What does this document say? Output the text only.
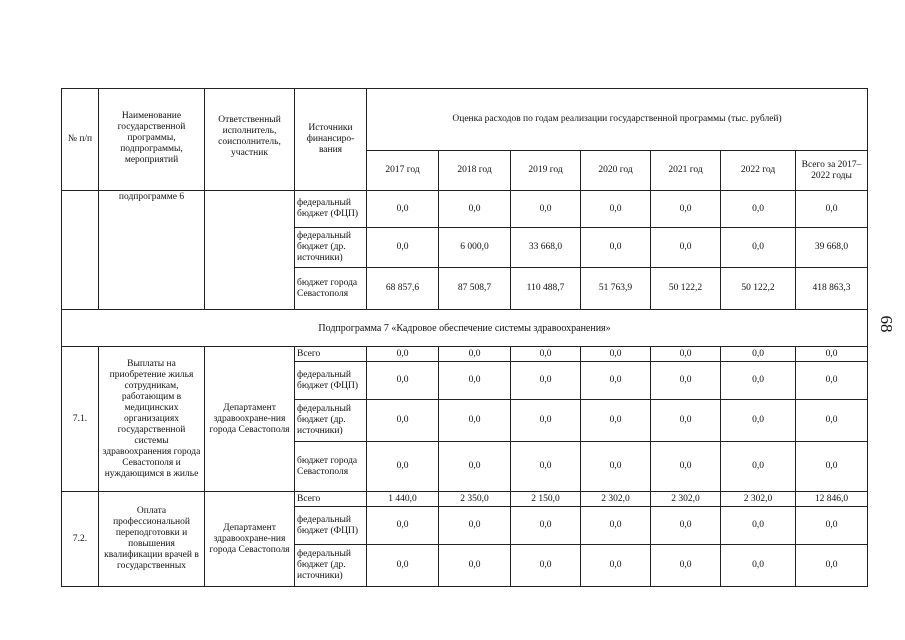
68
№ п/п	Наименование государственной программы, подпрограммы, мероприятий	Ответственный исполнитель, соисполнитель, участник	Источники финансиро-вания	Оценка расходов по годам реализации государственной программы (тыс. рублей)						
				2017 год	2018 год	2019 год	2020 год	2021 год	2022 год	Всего за 2017–2022 годы
	подпрограмме 6		федеральный бюджет (ФЦП)	0,0	0,0	0,0	0,0	0,0	0,0	0,0
			федеральный бюджет (др. источники)	0,0	6 000,0	33 668,0	0,0	0,0	0,0	39 668,0
			бюджет города Севастополя	68 857,6	87 508,7	110 488,7	51 763,9	50 122,2	50 122,2	418 863,3
Подпрограмма 7 «Кадровое обеспечение системы здравоохранения»										
7.1.	Выплаты на приобретение жилья сотрудникам, работающим в медицинских организациях государственной системы здравоохранения города Севастополя и нуждающимся в жилье	Департамент здравоохране-ния города Севастополя	Всего	0,0	0,0	0,0	0,0	0,0	0,0	0,0
			федеральный бюджет (ФЦП)	0,0	0,0	0,0	0,0	0,0	0,0	0,0
			федеральный бюджет (др. источники)	0,0	0,0	0,0	0,0	0,0	0,0	0,0
			бюджет города Севастополя	0,0	0,0	0,0	0,0	0,0	0,0	0,0
7.2.	Оплата профессиональной переподготовки и повышения квалификации врачей в государственных	Департамент здравоохране-ния города Севастополя	Всего	1 440,0	2 350,0	2 150,0	2 302,0	2 302,0	2 302,0	12 846,0
			федеральный бюджет (ФЦП)	0,0	0,0	0,0	0,0	0,0	0,0	0,0
			федеральный бюджет (др. источники)	0,0	0,0	0,0	0,0	0,0	0,0	0,0
